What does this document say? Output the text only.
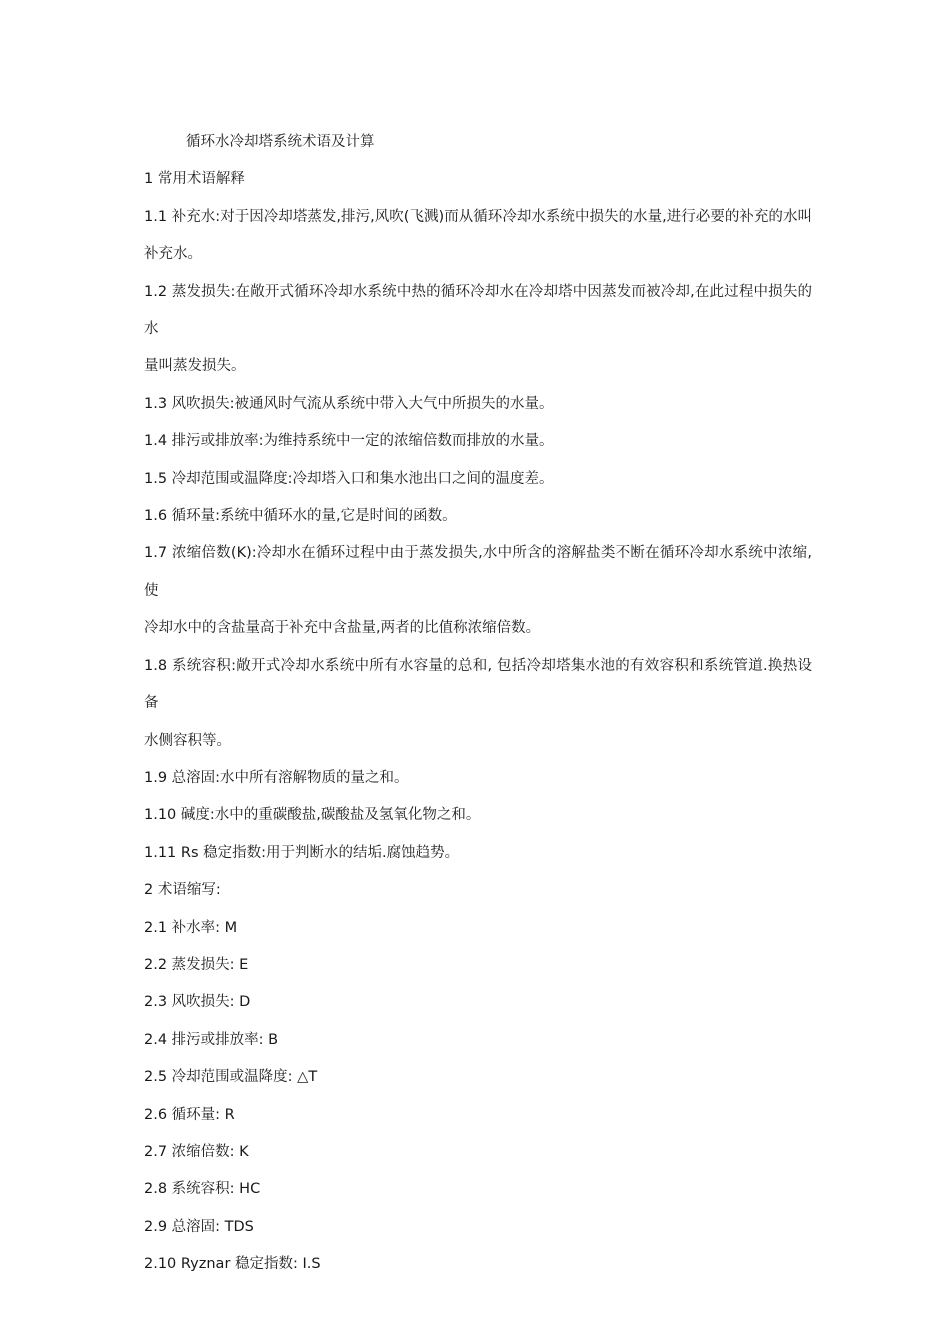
循环水冷却塔系统术语及计算
1 常用术语解释
1.1 补充水:对于因冷却塔蒸发,排污,风吹(飞溅)而从循环冷却水系统中损失的水量,进行必要的补充的水叫
补充水。
1.2 蒸发损失:在敞开式循环冷却水系统中热的循环冷却水在冷却塔中因蒸发而被冷却,在此过程中损失的水
量叫蒸发损失。
1.3 风吹损失:被通风时气流从系统中带入大气中所损失的水量。
1.4 排污或排放率:为维持系统中一定的浓缩倍数而排放的水量。
1.5 冷却范围或温降度:冷却塔入口和集水池出口之间的温度差。
1.6 循环量:系统中循环水的量,它是时间的函数。
1.7 浓缩倍数(K):冷却水在循环过程中由于蒸发损失,水中所含的溶解盐类不断在循环冷却水系统中浓缩,使
冷却水中的含盐量高于补充中含盐量,两者的比值称浓缩倍数。
1.8 系统容积:敞开式冷却水系统中所有水容量的总和, 包括冷却塔集水池的有效容积和系统管道.换热设备
水侧容积等。
1.9 总溶固:水中所有溶解物质的量之和。
1.10 碱度:水中的重碳酸盐,碳酸盐及氢氧化物之和。
1.11 Rs 稳定指数:用于判断水的结垢.腐蚀趋势。
2 术语缩写:
2.1 补水率: M
2.2 蒸发损失: E
2.3 风吹损失: D
2.4 排污或排放率: B
2.5 冷却范围或温降度: △T
2.6 循环量: R
2.7 浓缩倍数: K
2.8 系统容积: HC
2.9 总溶固: TDS
2.10 Ryznar 稳定指数: I.S
